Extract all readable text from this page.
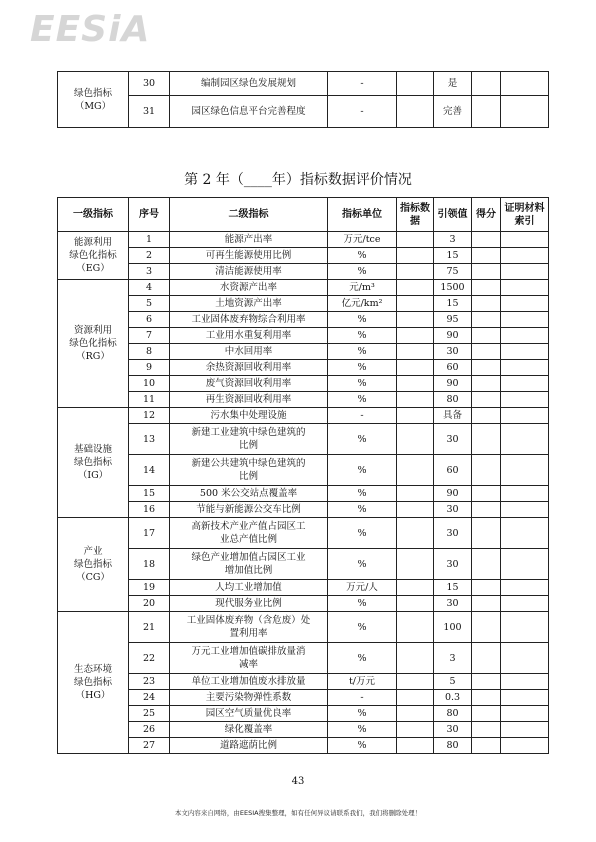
EESiA
绿色指标
（MG）	30	编制园区绿色发展规划	-		是		
	31	园区绿色信息平台完善程度	-		完善		
第 2 年（____年）指标数据评价情况
一级指标	序号	二级指标	指标单位	指标数据	引领值	得分	证明材料索引
能源利用
绿色化指标
（EG）	1	能源产出率	万元/tce		3		
	2	可再生能源使用比例	%		15		
	3	清洁能源使用率	%		75		
资源利用
绿色化指标
（RG）	4	水资源产出率	元/m³		1500		
	5	土地资源产出率	亿元/km²		15		
	6	工业固体废弃物综合利用率	%		95		
	7	工业用水重复利用率	%		90		
	8	中水回用率	%		30		
	9	余热资源回收利用率	%		60		
	10	废气资源回收利用率	%		90		
	11	再生资源回收利用率	%		80		
基础设施
绿色指标
（IG）	12	污水集中处理设施	-		具备		
	13	新建工业建筑中绿色建筑的
比例	%		30		
	14	新建公共建筑中绿色建筑的
比例	%		60		
	15	500 米公交站点覆盖率	%		90		
	16	节能与新能源公交车比例	%		30		
产业
绿色指标
（CG）	17	高新技术产业产值占园区工
业总产值比例	%		30		
	18	绿色产业增加值占园区工业
增加值比例	%		30		
	19	人均工业增加值	万元/人		15		
	20	现代服务业比例	%		30		
生态环境
绿色指标
（HG）	21	工业固体废弃物（含危废）处
置利用率	%		100		
	22	万元工业增加值碳排放量消
减率	%		3		
	23	单位工业增加值废水排放量	t/万元		5		
	24	主要污染物弹性系数	-		0.3		
	25	园区空气质量优良率	%		80		
	26	绿化覆盖率	%		30		
	27	道路遮荫比例	%		80		
43
本文内容来自网络，由EESIA搜集整理，如有任何异议请联系我们，我们将删除处理！
